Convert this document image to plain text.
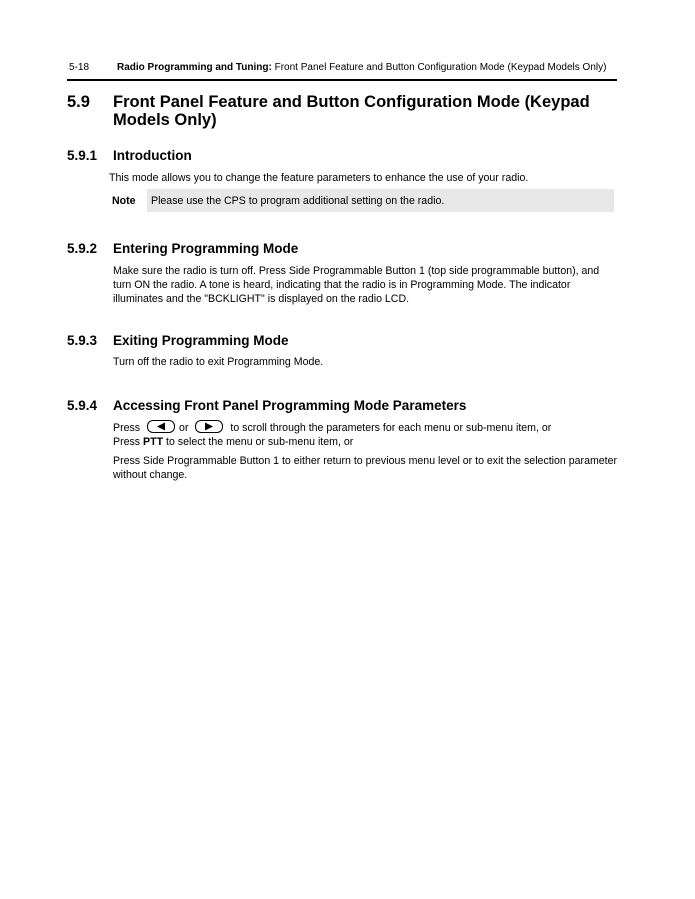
5-18	Radio Programming and Tuning: Front Panel Feature and Button Configuration Mode (Keypad Models Only)
5.9 Front Panel Feature and Button Configuration Mode (Keypad Models Only)
5.9.1 Introduction
This mode allows you to change the feature parameters to enhance the use of your radio.
Note Please use the CPS to program additional setting on the radio.
5.9.2 Entering Programming Mode
Make sure the radio is turn off. Press Side Programmable Button 1 (top side programmable button), and turn ON the radio. A tone is heard, indicating that the radio is in Programming Mode. The indicator illuminates and the "BCKLIGHT" is displayed on the radio LCD.
5.9.3 Exiting Programming Mode
Turn off the radio to exit Programming Mode.
5.9.4 Accessing Front Panel Programming Mode Parameters
Press	or	to scroll through the parameters for each menu or sub-menu item, or
Press PTT to select the menu or sub-menu item, or
Press Side Programmable Button 1 to either return to previous menu level or to exit the selection parameter without change.
